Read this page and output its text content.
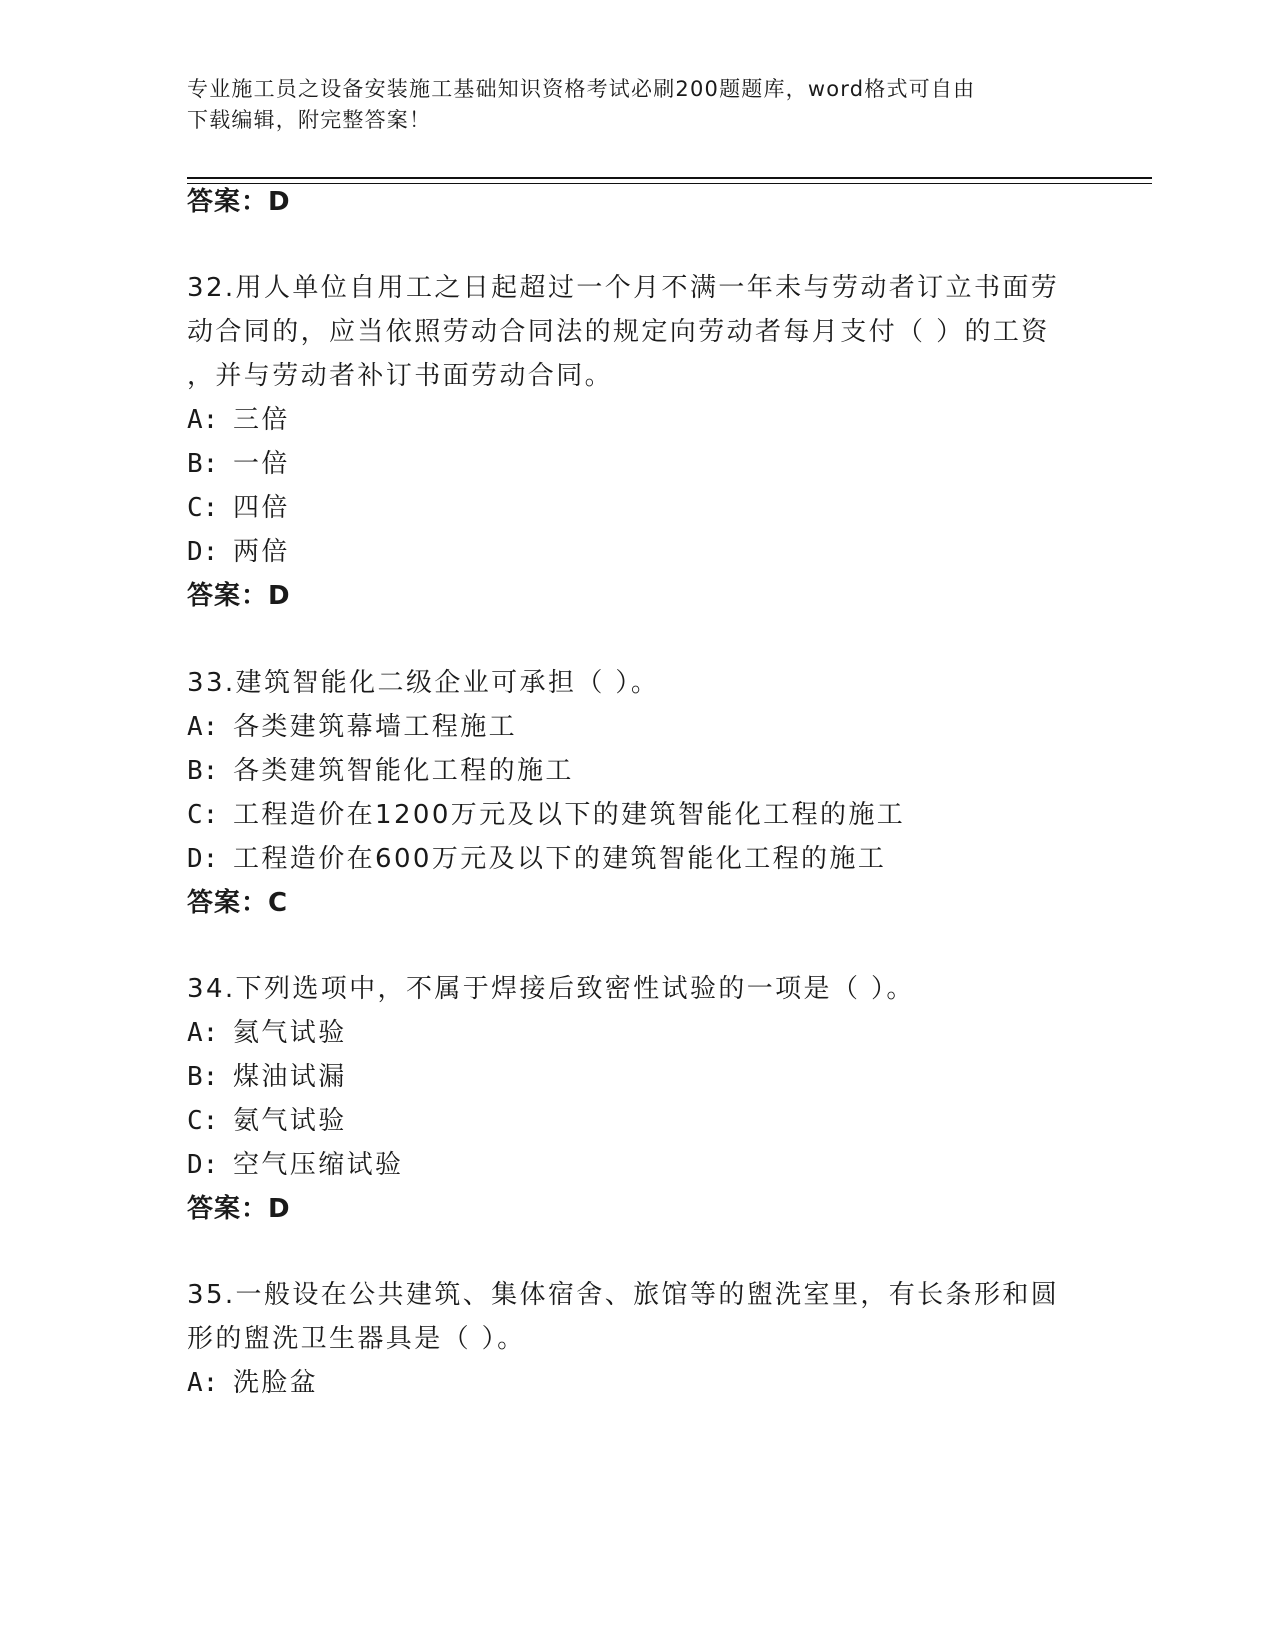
专业施工员之设备安装施工基础知识资格考试必刷200题题库，word格式可自由
下载编辑，附完整答案！
答案：D
32.用人单位自用工之日起超过一个月不满一年未与劳动者订立书面劳
动合同的，应当依照劳动合同法的规定向劳动者每月支付（ ）的工资
，并与劳动者补订书面劳动合同。
A: 三倍
B: 一倍
C: 四倍
D: 两倍
答案：D
33.建筑智能化二级企业可承担（ ）。
A: 各类建筑幕墙工程施工
B: 各类建筑智能化工程的施工
C: 工程造价在1200万元及以下的建筑智能化工程的施工
D: 工程造价在600万元及以下的建筑智能化工程的施工
答案：C
34.下列选项中，不属于焊接后致密性试验的一项是（ ）。
A: 氦气试验
B: 煤油试漏
C: 氨气试验
D: 空气压缩试验
答案：D
35.一般设在公共建筑、集体宿舍、旅馆等的盥洗室里，有长条形和圆
形的盥洗卫生器具是（ ）。
A: 洗脸盆
